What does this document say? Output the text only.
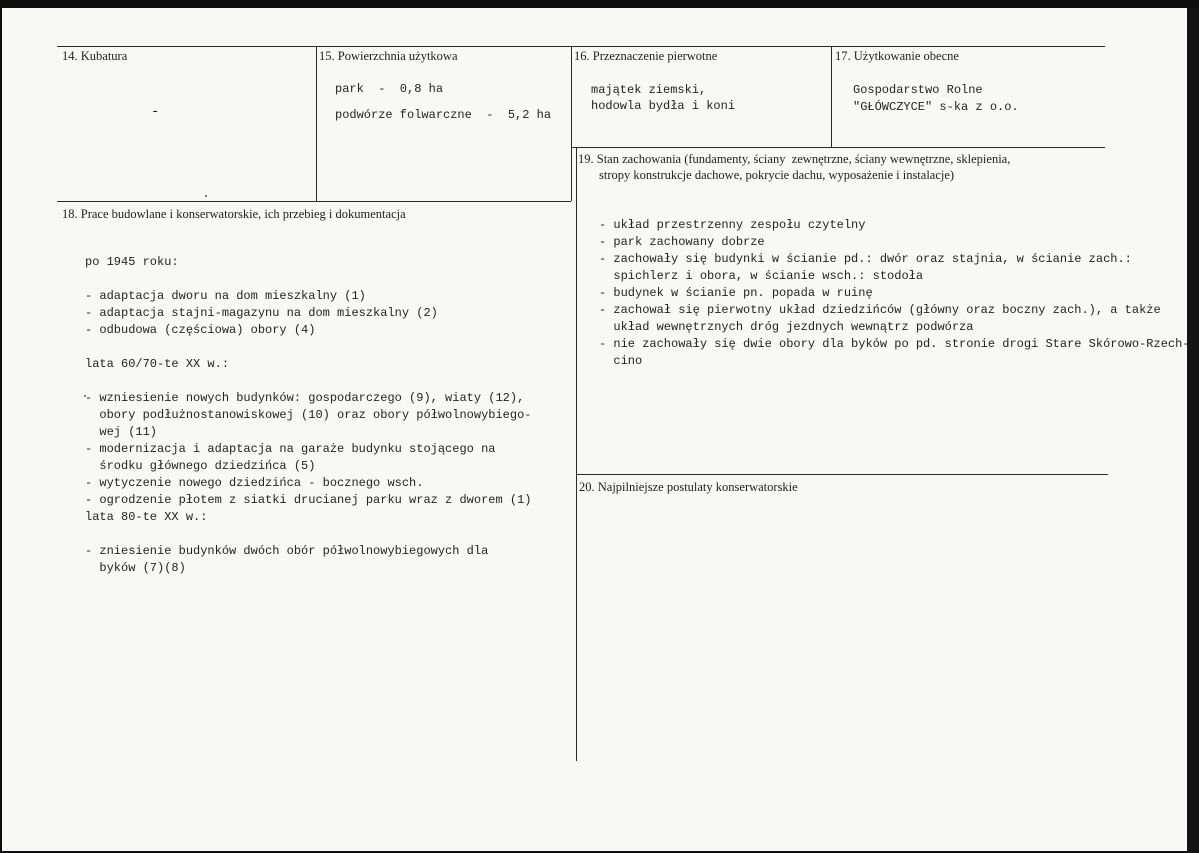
14. Kubatura
-
15. Powierzchnia użytkowa
park  -  0,8 ha
podwórze folwarczne  -  5,2 ha
16. Przeznaczenie pierwotne
majątek ziemski,
hodowla bydła i koni
17. Użytkowanie obecne
Gospodarstwo Rolne
"GŁÓWCZYCE" s-ka z o.o.
19. Stan zachowania (fundamenty, ściany  zewnętrzne, ściany wewnętrzne, sklepienia,
stropy konstrukcje dachowe, pokrycie dachu, wyposażenie i instalacje)
- układ przestrzenny zespołu czytelny
- park zachowany dobrze
- zachowały się budynki w ścianie pd.: dwór oraz stajnia, w ścianie zach.:
spichlerz i obora, w ścianie wsch.: stodoła
- budynek w ścianie pn. popada w ruinę
- zachował się pierwotny układ dziedzińców (główny oraz boczny zach.), a także
układ wewnętrznych dróg jezdnych wewnątrz podwórza
- nie zachowały się dwie obory dla byków po pd. stronie drogi Stare Skórowo-Rzech-
cino
18. Prace budowlane i konserwatorskie, ich przebieg i dokumentacja
po 1945 roku:
- adaptacja dworu na dom mieszkalny (1)
- adaptacja stajni-magazynu na dom mieszkalny (2)
- odbudowa (częściowa) obory (4)
lata 60/70-te XX w.:
- wzniesienie nowych budynków: gospodarczego (9), wiaty (12),
obory podłużnostanowiskowej (10) oraz obory półwolnowybiego-
wej (11)
- modernizacja i adaptacja na garaże budynku stojącego na
środku głównego dziedzińca (5)
- wytyczenie nowego dziedzińca - bocznego wsch.
- ogrodzenie płotem z siatki drucianej parku wraz z dworem (1)
lata 80-te XX w.:
- zniesienie budynków dwóch obór półwolnowybiegowych dla
byków (7)(8)
20. Najpilniejsze postulaty konserwatorskie
